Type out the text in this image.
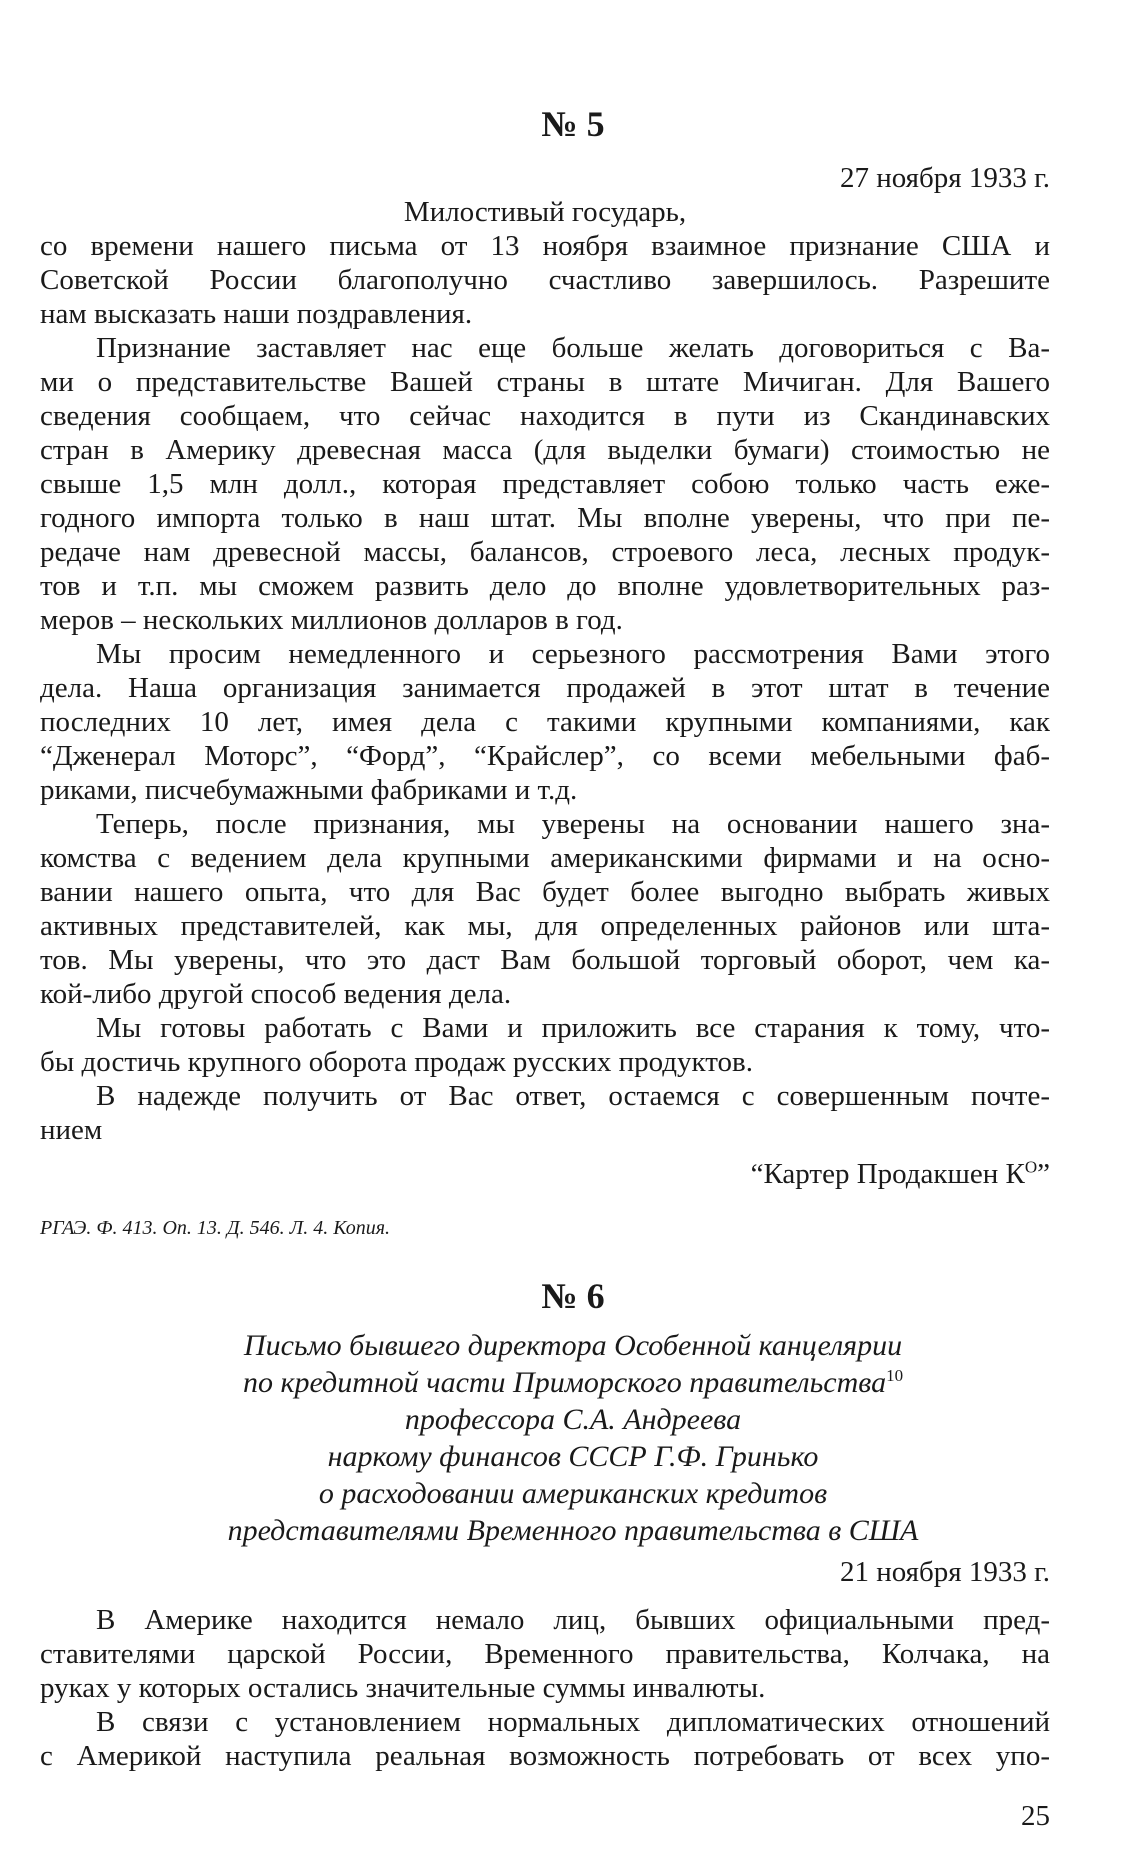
№ 5
27 ноября 1933 г.
Милостивый государь,
со времени нашего письма от 13 ноября взаимное признание США и
Советской России благополучно счастливо завершилось. Разрешите
нам высказать наши поздравления.
Признание заставляет нас еще больше желать договориться с Ва-
ми о представительстве Вашей страны в штате Мичиган. Для Вашего
сведения сообщаем, что сейчас находится в пути из Скандинавских
стран в Америку древесная масса (для выделки бумаги) стоимостью не
свыше 1,5 млн долл., которая представляет собою только часть еже-
годного импорта только в наш штат. Мы вполне уверены, что при пе-
редаче нам древесной массы, балансов, строевого леса, лесных продук-
тов и т.п. мы сможем развить дело до вполне удовлетворительных раз-
меров – нескольких миллионов долларов в год.
Мы просим немедленного и серьезного рассмотрения Вами этого
дела. Наша организация занимается продажей в этот штат в течение
последних 10 лет, имея дела с такими крупными компаниями, как
“Дженерал Моторс”, “Форд”, “Крайслер”, со всеми мебельными фаб-
риками, писчебумажными фабриками и т.д.
Теперь, после признания, мы уверены на основании нашего зна-
комства с ведением дела крупными американскими фирмами и на осно-
вании нашего опыта, что для Вас будет более выгодно выбрать живых
активных представителей, как мы, для определенных районов или шта-
тов. Мы уверены, что это даст Вам большой торговый оборот, чем ка-
кой-либо другой способ ведения дела.
Мы готовы работать с Вами и приложить все старания к тому, что-
бы достичь крупного оборота продаж русских продуктов.
В надежде получить от Вас ответ, остаемся с совершенным почте-
нием
“Картер Продакшен $К^О$”
РГАЭ. Ф. 413. Оп. 13. Д. 546. Л. 4. Копия.
№ 6
Письмо бывшего директора Особенной канцелярии
по кредитной части Приморского правительства$^{10}$
профессора С.А. Андреева
наркому финансов СССР Г.Ф. Гринько
о расходовании американских кредитов
представителями Временного правительства в США
21 ноября 1933 г.
В Америке находится немало лиц, бывших официальными пред-
ставителями царской России, Временного правительства, Колчака, на
руках у которых остались значительные суммы инвалюты.
В связи с установлением нормальных дипломатических отношений
с Америкой наступила реальная возможность потребовать от всех упо-
25
